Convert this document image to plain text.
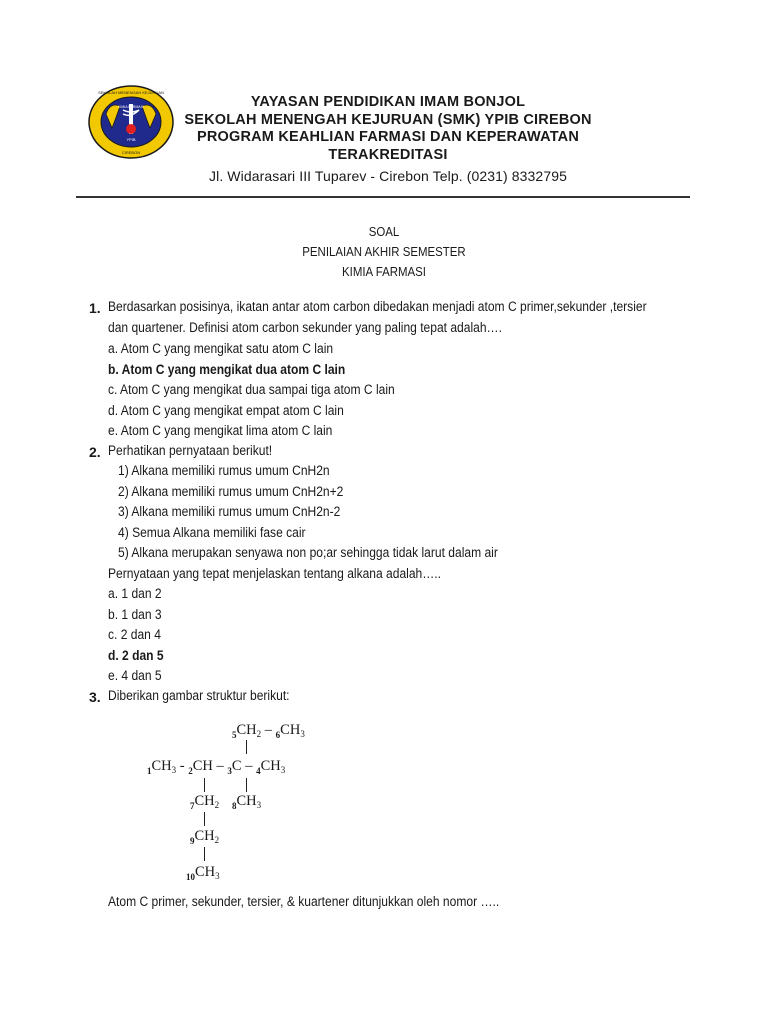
SEKOLAH MENENGAH KEJURUAN
KIMIA FARMASI
YPIB
CIREBON
YAYASAN PENDIDIKAN IMAM BONJOL
SEKOLAH MENENGAH KEJURUAN (SMK) YPIB CIREBON
PROGRAM KEAHLIAN FARMASI DAN KEPERAWATAN
TERAKREDITASI
Jl. Widarasari III Tuparev - Cirebon Telp. (0231) 8332795
SOAL
PENILAIAN AKHIR SEMESTER
KIMIA FARMASI
1. Berdasarkan posisinya, ikatan antar atom carbon dibedakan menjadi atom C primer,sekunder ,tersier
dan quartener. Definisi atom carbon sekunder yang paling tepat adalah….
a. Atom C yang mengikat satu atom C lain
b. Atom C yang mengikat dua atom C lain
c. Atom C yang mengikat dua sampai tiga atom C lain
d. Atom C yang mengikat empat atom C lain
e. Atom C yang mengikat lima atom C lain
2. Perhatikan pernyataan berikut!
1) Alkana memiliki rumus umum CnH2n
2) Alkana memiliki rumus umum CnH2n+2
3) Alkana memiliki rumus umum CnH2n-2
4) Semua Alkana memiliki fase cair
5) Alkana merupakan senyawa non po;ar sehingga tidak larut dalam air
Pernyataan yang tepat menjelaskan tentang alkana adalah…..
a. 1 dan 2
b. 1 dan 3
c. 2 dan 4
d. 2 dan 5
e. 4 dan 5
3. Diberikan gambar struktur berikut:
$_5CH_2 - _6CH_3$
$_1CH_3 - _2CH - _3C - _4CH_3$
$_7CH_2$ $_8CH_3$
$_9CH_2$
$_{10}CH_3$
Atom C primer, sekunder, tersier, & kuartener ditunjukkan oleh nomor …..
